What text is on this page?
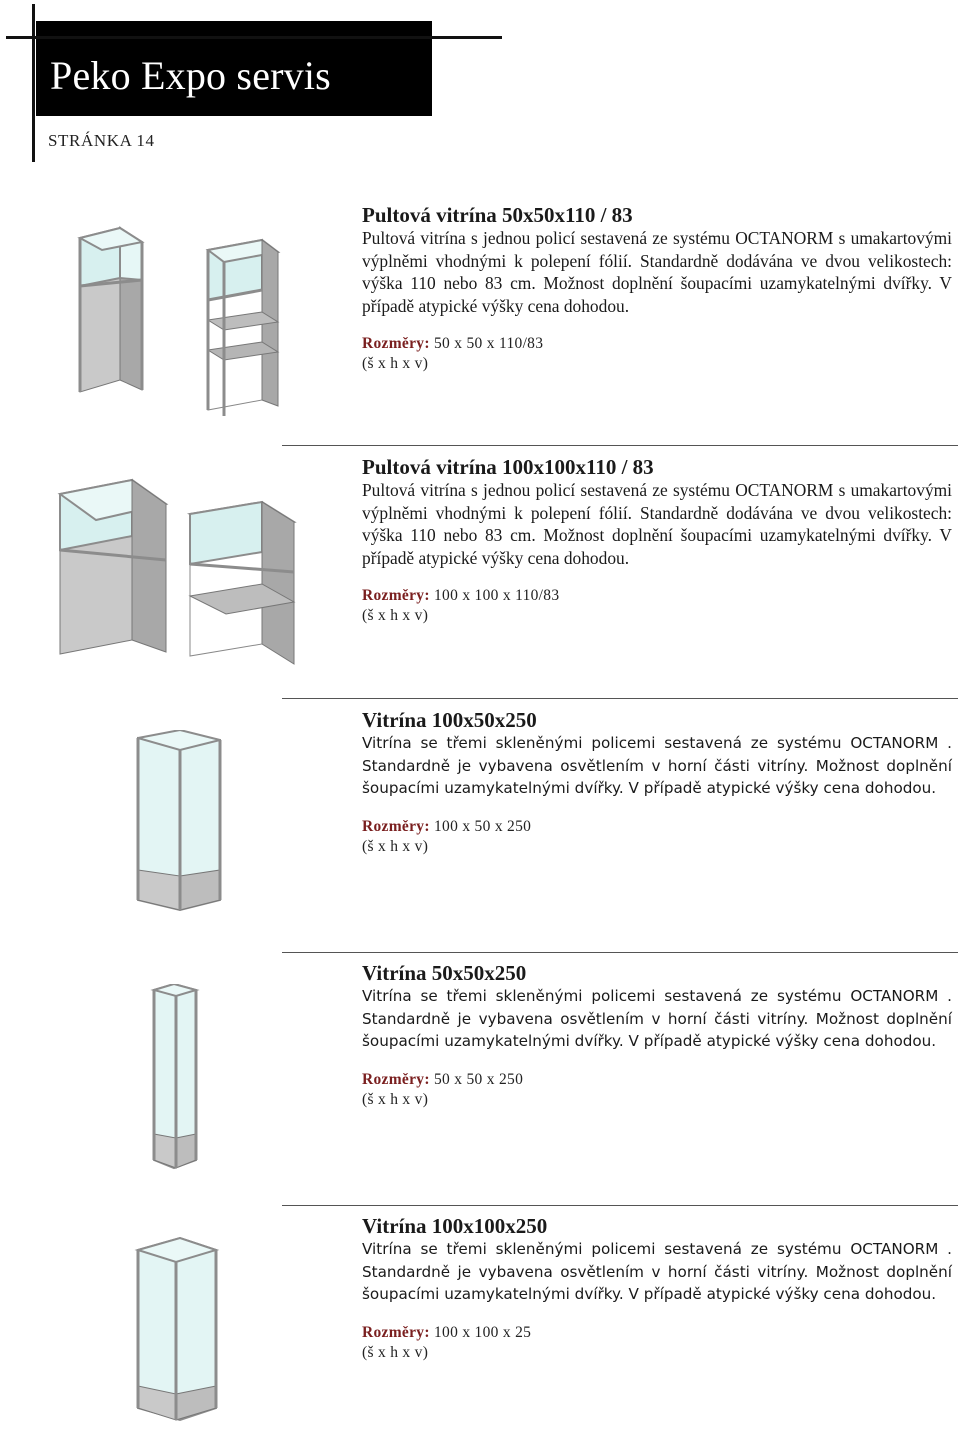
Peko Expo servis
STRÁNKA 14
Pultová vitrína 50x50x110 / 83

Pultová vitrína s jednou policí sestavená ze systému OCTANORM s umakartovými výplněmi vhodnými k polepení fólií. Standardně dodávána ve dvou velikostech: výška 110 nebo 83 cm. Možnost doplnění šoupacími uzamykatelnými dvířky. V případě atypické výšky cena dohodou.

Rozměry: 50 x 50 x 110/83
(š x h x v)
Pultová vitrína 100x100x110 / 83

Pultová vitrína s jednou policí sestavená ze systému OCTANORM s umakartovými výplněmi vhodnými k polepení fólií. Standardně dodávána ve dvou velikostech: výška 110 nebo 83 cm. Možnost doplnění šoupacími uzamykatelnými dvířky. V případě atypické výšky cena dohodou.

Rozměry: 100 x 100 x 110/83
(š x h x v)
Vitrína 100x50x250

Vitrína se třemi skleněnými policemi sestavená ze systému OCTANORM . Standardně je vybavena osvětlením v horní části vitríny. Možnost doplnění šoupacími uzamykatelnými dvířky. V případě atypické výšky cena dohodou.

Rozměry: 100 x 50 x 250
(š x h x v)
Vitrína 50x50x250

Vitrína se třemi skleněnými policemi sestavená ze systému OCTANORM . Standardně je vybavena osvětlením v horní části vitríny. Možnost doplnění šoupacími uzamykatelnými dvířky. V případě atypické výšky cena dohodou.

Rozměry: 50 x 50 x 250
(š x h x v)
Vitrína 100x100x250

Vitrína se třemi skleněnými policemi sestavená ze systému OCTANORM . Standardně je vybavena osvětlením v horní části vitríny. Možnost doplnění šoupacími uzamykatelnými dvířky. V případě atypické výšky cena dohodou.

Rozměry: 100 x 100 x 25
(š x h x v)
